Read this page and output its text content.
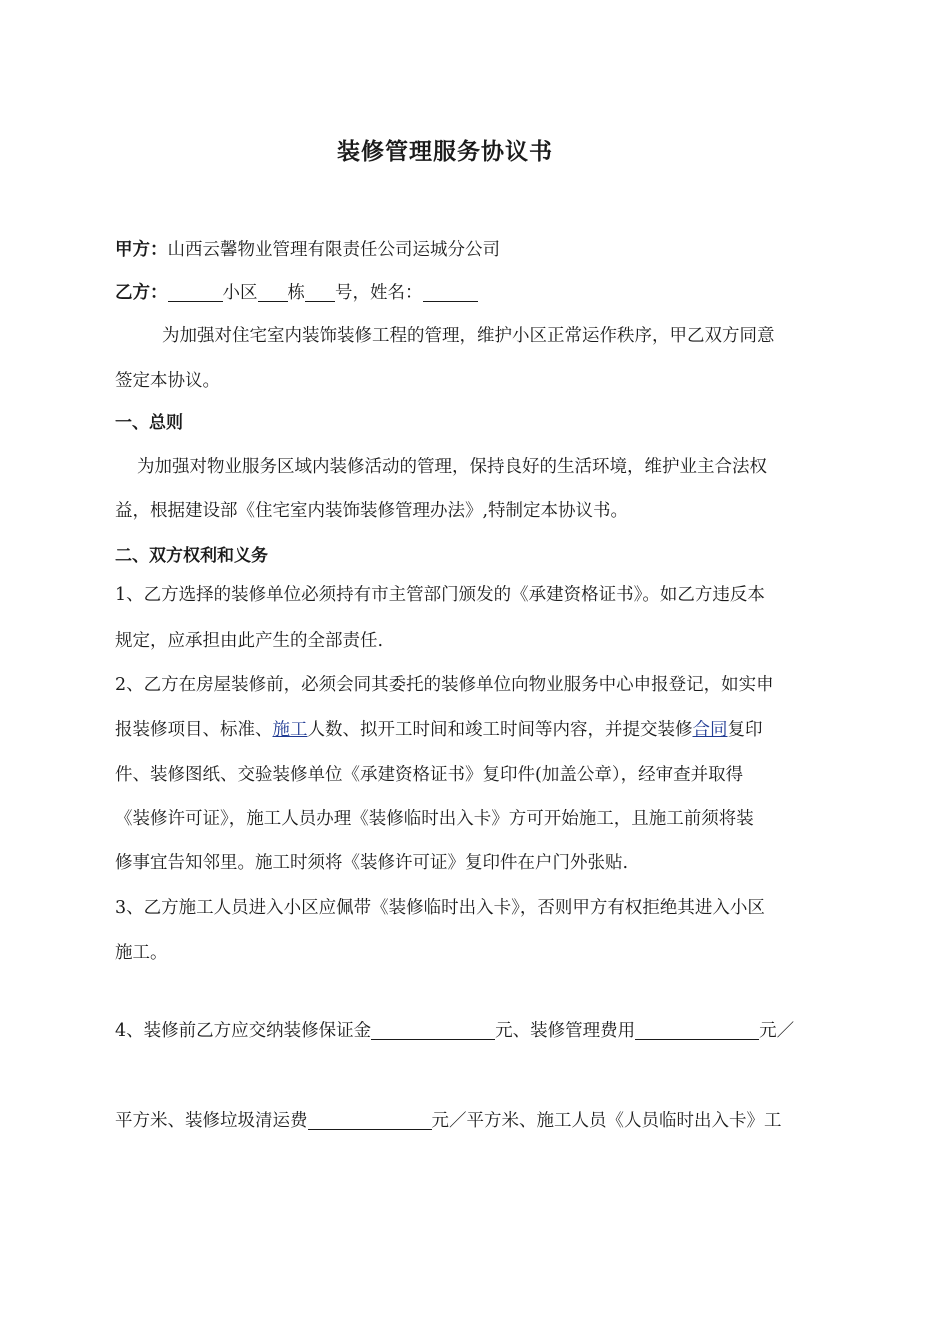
装修管理服务协议书
甲方：山西云馨物业管理有限责任公司运城分公司
乙方：	小区 栋 号，姓名：
为加强对住宅室内装饰装修工程的管理，维护小区正常运作秩序，甲乙双方同意
签定本协议。
一、总则
为加强对物业服务区域内装修活动的管理，保持良好的生活环境，维护业主合法权
益，根据建设部《住宅室内装饰装修管理办法》,特制定本协议书。
二、双方权利和义务
1、乙方选择的装修单位必须持有市主管部门颁发的《承建资格证书》。如乙方违反本
规定，应承担由此产生的全部责任.
2、乙方在房屋装修前，必须会同其委托的装修单位向物业服务中心申报登记，如实申
报装修项目、标准、施工人数、拟开工时间和竣工时间等内容，并提交装修合同复印
件、装修图纸、交验装修单位《承建资格证书》复印件(加盖公章），经审查并取得
《装修许可证》，施工人员办理《装修临时出入卡》方可开始施工，且施工前须将装
修事宜告知邻里。施工时须将《装修许可证》复印件在户门外张贴.
3、乙方施工人员进入小区应佩带《装修临时出入卡》，否则甲方有权拒绝其进入小区
施工。
4、装修前乙方应交纳装修保证金	元、装修管理费用	元／
平方米、装修垃圾清运费	元／平方米、施工人员《人员临时出入卡》工
